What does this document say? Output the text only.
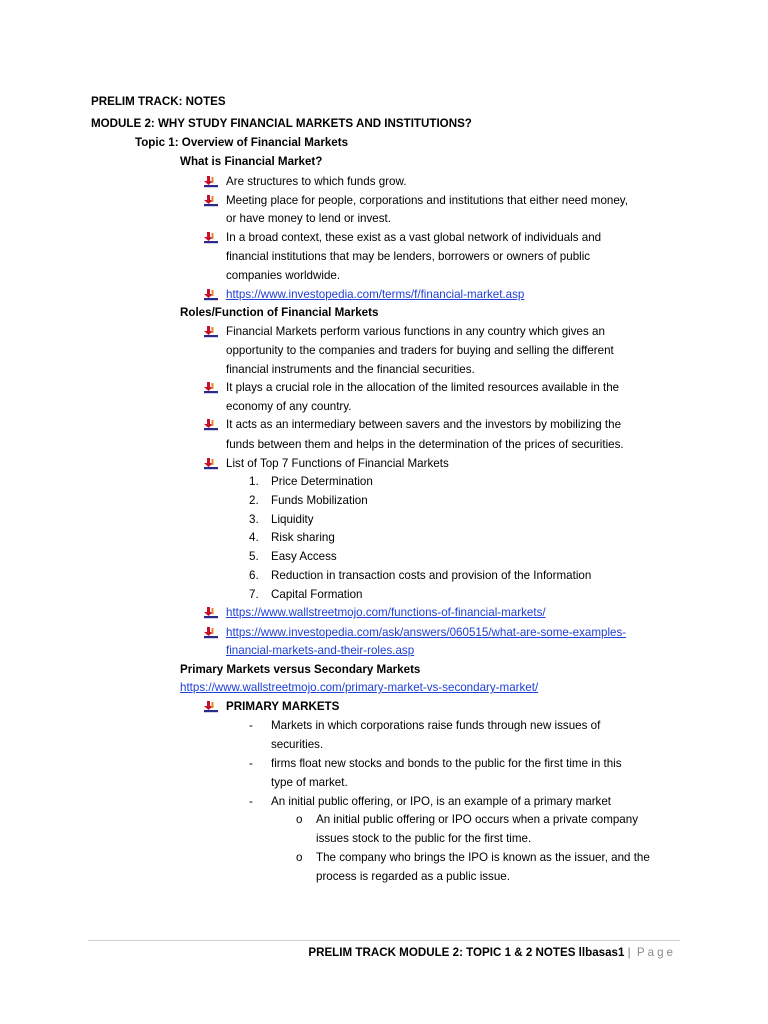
PRELIM TRACK: NOTES
MODULE 2: WHY STUDY FINANCIAL MARKETS AND INSTITUTIONS?
Topic 1: Overview of Financial Markets
What is Financial Market?
Are structures to which funds grow.
Meeting place for people, corporations and institutions that either need money,
or have money to lend or invest.
In a broad context, these exist as a vast global network of individuals and
financial institutions that may be lenders, borrowers or owners of public
companies worldwide.
https://www.investopedia.com/terms/f/financial-market.asp
Roles/Function of Financial Markets
Financial Markets perform various functions in any country which gives an
opportunity to the companies and traders for buying and selling the different
financial instruments and the financial securities.
It plays a crucial role in the allocation of the limited resources available in the
economy of any country.
It acts as an intermediary between savers and the investors by mobilizing the
funds between them and helps in the determination of the prices of securities.
List of Top 7 Functions of Financial Markets
1. Price Determination
2. Funds Mobilization
3. Liquidity
4. Risk sharing
5. Easy Access
6. Reduction in transaction costs and provision of the Information
7. Capital Formation
https://www.wallstreetmojo.com/functions-of-financial-markets/
https://www.investopedia.com/ask/answers/060515/what-are-some-examples-
financial-markets-and-their-roles.asp
Primary Markets versus Secondary Markets
https://www.wallstreetmojo.com/primary-market-vs-secondary-market/
PRIMARY MARKETS
- Markets in which corporations raise funds through new issues of
securities.
- firms float new stocks and bonds to the public for the first time in this
type of market.
- An initial public offering, or IPO, is an example of a primary market
o An initial public offering or IPO occurs when a private company
issues stock to the public for the first time.
o The company who brings the IPO is known as the issuer, and the
process is regarded as a public issue.
PRELIM TRACK MODULE 2: TOPIC 1 & 2 NOTES llbasas1 | Page
